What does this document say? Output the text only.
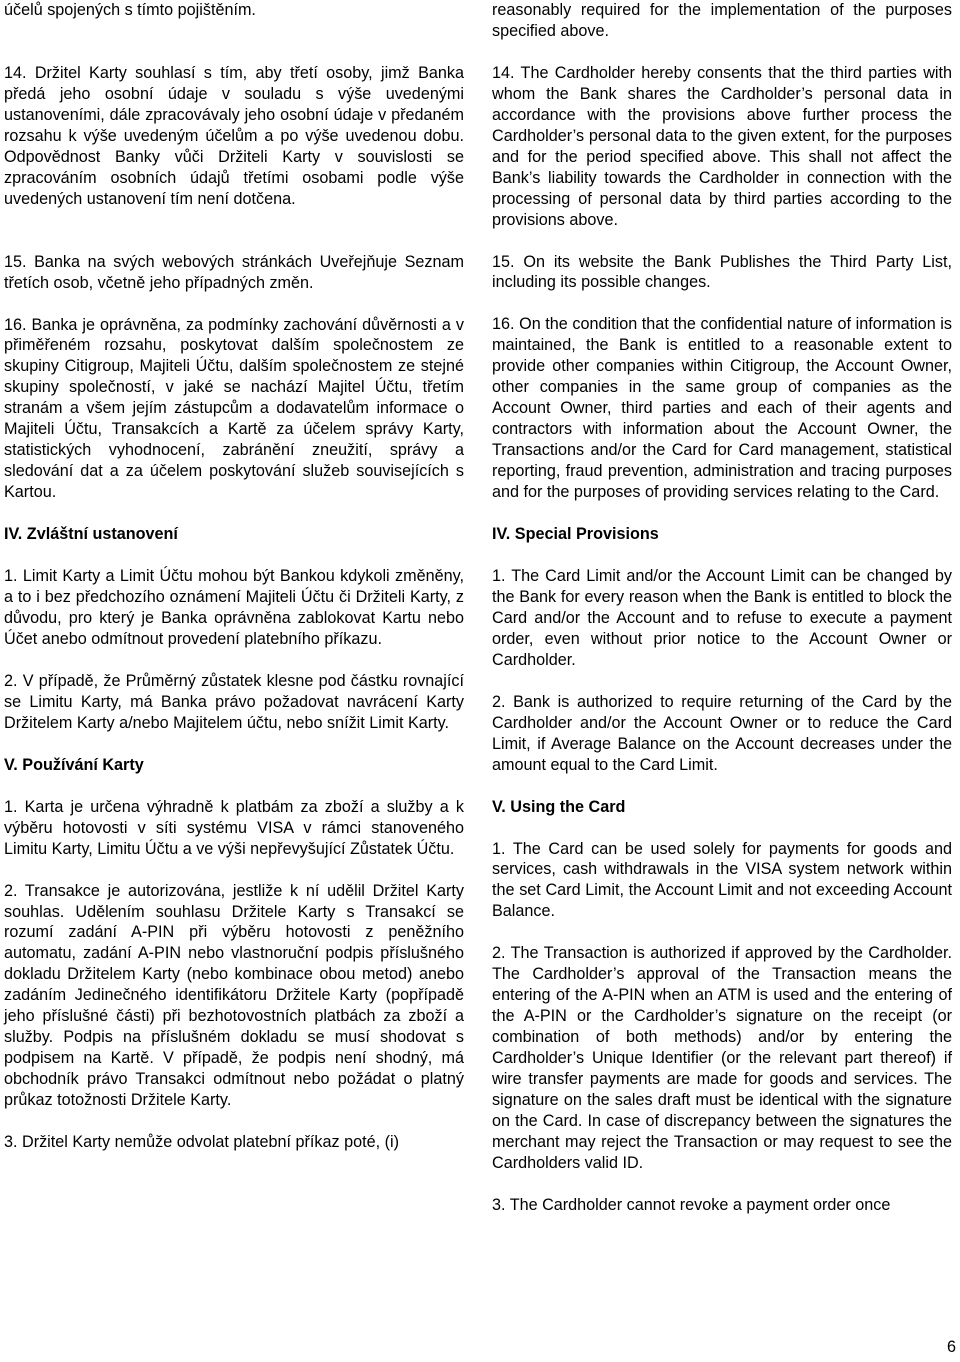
účelů spojených s tímto pojištěním.

14. Držitel Karty souhlasí s tím, aby třetí osoby, jimž Banka předá jeho osobní údaje v souladu s výše uvedenými ustanoveními, dále zpracovávaly jeho osobní údaje v předaném rozsahu k výše uvedeným účelům a po výše uvedenou dobu. Odpovědnost Banky vůči Držiteli Karty v souvislosti se zpracováním osobních údajů třetími osobami podle výše uvedených ustanovení tím není dotčena.

15. Banka na svých webových stránkách Uveřejňuje Seznam třetích osob, včetně jeho případných změn.

16. Banka je oprávněna, za podmínky zachování důvěrnosti a v přiměřeném rozsahu, poskytovat dalším společnostem ze skupiny Citigroup, Majiteli Účtu, dalším společnostem ze stejné skupiny společností, v jaké se nachází Majitel Účtu, třetím stranám a všem jejím zástupcům a dodavatelům informace o Majiteli Účtu, Transakcích a Kartě za účelem správy Karty, statistických vyhodnocení, zabránění zneužití, správy a sledování dat a za účelem poskytování služeb souvisejících s Kartou.

IV. Zvláštní ustanovení

1. Limit Karty a Limit Účtu mohou být Bankou kdykoli změněny, a to i bez předchozího oznámení Majiteli Účtu či Držiteli Karty, z důvodu, pro který je Banka oprávněna zablokovat Kartu nebo Účet anebo odmítnout provedení platebního příkazu.

2. V případě, že Průměrný zůstatek klesne pod částku rovnající se Limitu Karty, má Banka právo požadovat navrácení Karty Držitelem Karty a/nebo Majitelem účtu, nebo snížit Limit Karty.

V. Používání Karty

1. Karta je určena výhradně k platbám za zboží a služby a k výběru hotovosti v síti systému VISA v rámci stanoveného Limitu Karty, Limitu Účtu a ve výši nepřevyšující Zůstatek Účtu.

2. Transakce je autorizována, jestliže k ní udělil Držitel Karty souhlas. Udělením souhlasu Držitele Karty s Transakcí se rozumí zadání A-PIN při výběru hotovosti z peněžního automatu, zadání A-PIN nebo vlastnoruční podpis příslušného dokladu Držitelem Karty (nebo kombinace obou metod) anebo zadáním Jedinečného identifikátoru Držitele Karty (popřípadě jeho příslušné části) při bezhotovostních platbách za zboží a služby. Podpis na příslušném dokladu se musí shodovat s podpisem na Kartě. V případě, že podpis není shodný, má obchodník právo Transakci odmítnout nebo požádat o platný průkaz totožnosti Držitele Karty.

3. Držitel Karty nemůže odvolat platební příkaz poté, (i)

reasonably required for the implementation of the purposes specified above.

14. The Cardholder hereby consents that the third parties with whom the Bank shares the Cardholder’s personal data in accordance with the provisions above further process the Cardholder’s personal data to the given extent, for the purposes and for the period specified above. This shall not affect the Bank’s liability towards the Cardholder in connection with the processing of personal data by third parties according to the provisions above.

15. On its website the Bank Publishes the Third Party List, including its possible changes.

16. On the condition that the confidential nature of information is maintained, the Bank is entitled to a reasonable extent to provide other companies within Citigroup, the Account Owner, other companies in the same group of companies as the Account Owner, third parties and each of their agents and contractors with information about the Account Owner, the Transactions and/or the Card for Card management, statistical reporting, fraud prevention, administration and tracing purposes and for the purposes of providing services relating to the Card.

IV. Special Provisions

1. The Card Limit and/or the Account Limit can be changed by the Bank for every reason when the Bank is entitled to block the Card and/or the Account and to refuse to execute a payment order, even without prior notice to the Account Owner or Cardholder.

2. Bank is authorized to require returning of the Card by the Cardholder and/or the Account Owner or to reduce the Card Limit, if Average Balance on the Account decreases under the amount equal to the Card Limit.

V. Using the Card

1. The Card can be used solely for payments for goods and services, cash withdrawals in the VISA system network within the set Card Limit, the Account Limit and not exceeding Account Balance.

2. The Transaction is authorized if approved by the Cardholder. The Cardholder’s approval of the Transaction means the entering of the A-PIN when an ATM is used and the entering of the A-PIN or the Cardholder’s signature on the receipt (or combination of both methods) and/or by entering the Cardholder’s Unique Identifier (or the relevant part thereof) if wire transfer payments are made for goods and services. The signature on the sales draft must be identical with the signature on the Card. In case of discrepancy between the signatures the merchant may reject the Transaction or may request to see the Cardholders valid ID.

3. The Cardholder cannot revoke a payment order once

6
